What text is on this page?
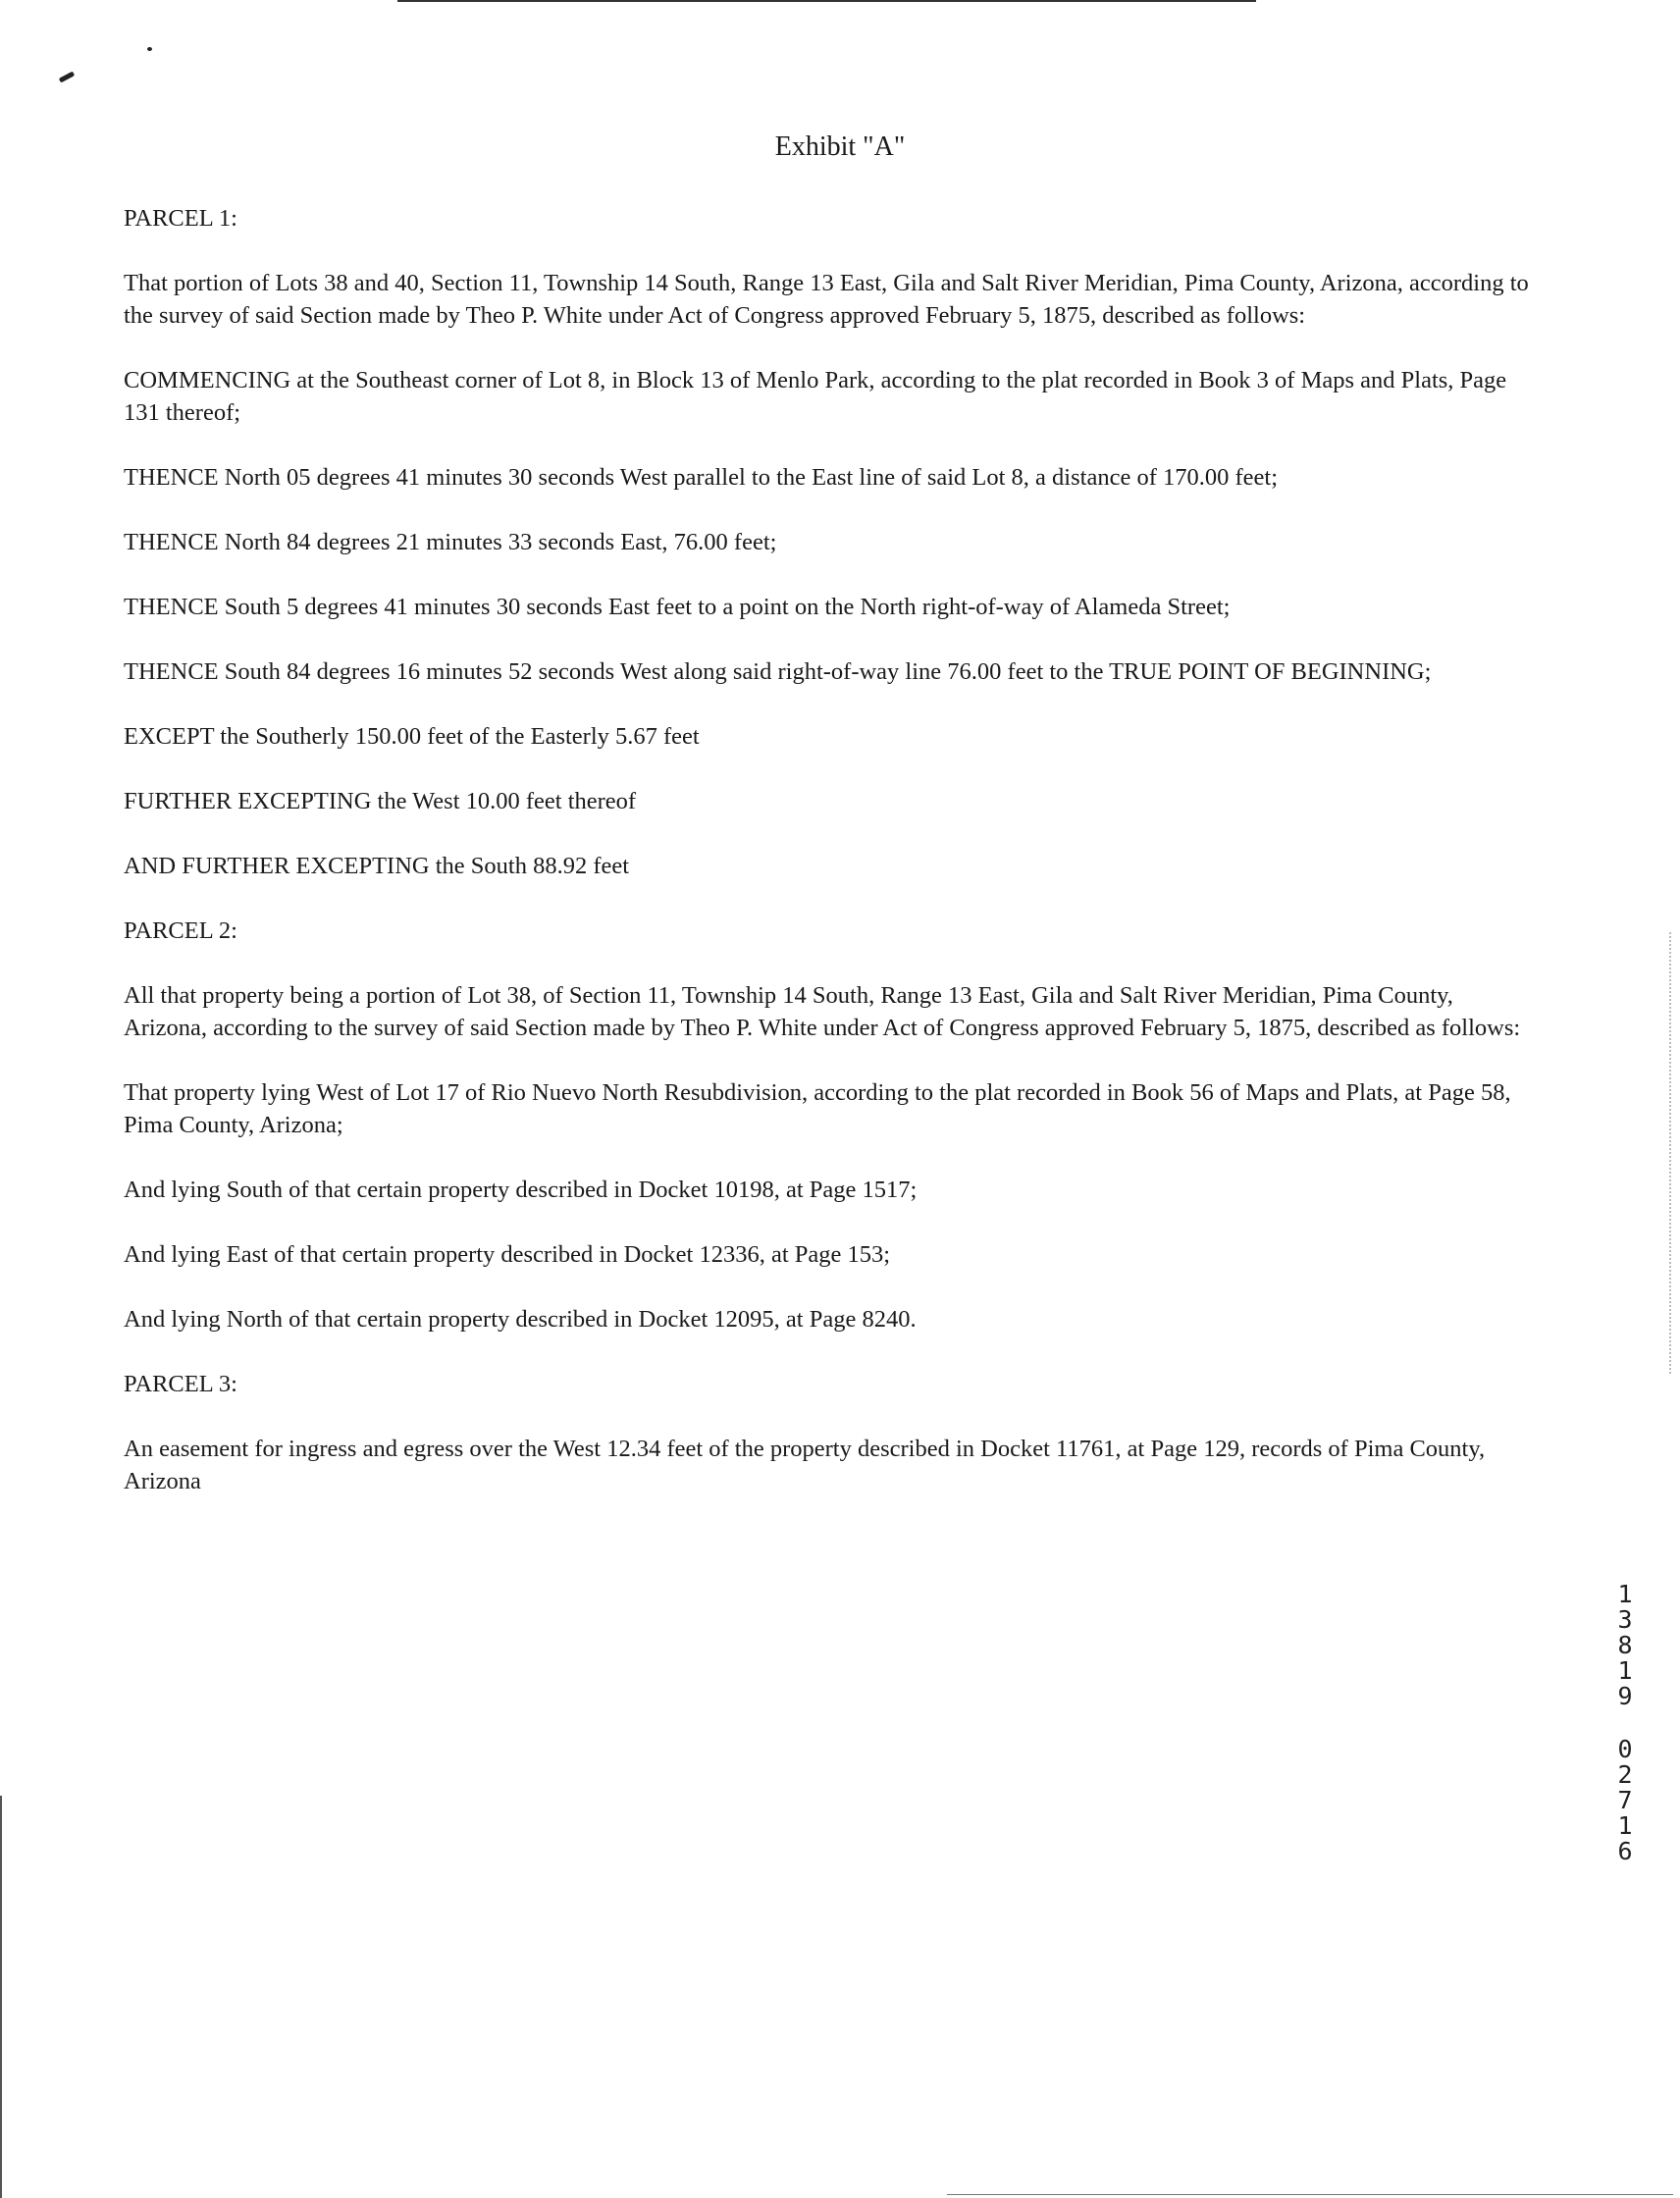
Exhibit "A"

PARCEL 1:

That portion of Lots 38 and 40, Section 11, Township 14 South, Range 13 East, Gila and Salt River Meridian, Pima County, Arizona, according to the survey of said Section made by Theo P. White under Act of Congress approved February 5, 1875, described as follows:

COMMENCING at the Southeast corner of Lot 8, in Block 13 of Menlo Park, according to the plat recorded in Book 3 of Maps and Plats, Page 131 thereof;

THENCE North 05 degrees 41 minutes 30 seconds West parallel to the East line of said Lot 8, a distance of 170.00 feet;

THENCE North 84 degrees 21 minutes 33 seconds East, 76.00 feet;

THENCE South 5 degrees 41 minutes 30 seconds East feet to a point on the North right-of-way of Alameda Street;

THENCE South 84 degrees 16 minutes 52 seconds West along said right-of-way line 76.00 feet to the TRUE POINT OF BEGINNING;

EXCEPT the Southerly 150.00 feet of the Easterly 5.67 feet

FURTHER EXCEPTING the West 10.00 feet thereof

AND FURTHER EXCEPTING the South 88.92 feet

PARCEL 2:

All that property being a portion of Lot 38, of Section 11, Township 14 South, Range 13 East, Gila and Salt River Meridian, Pima County, Arizona, according to the survey of said Section made by Theo P. White under Act of Congress approved February 5, 1875, described as follows:

That property lying West of Lot 17 of Rio Nuevo North Resubdivision, according to the plat recorded in Book 56 of Maps and Plats, at Page 58, Pima County, Arizona;

And lying South of that certain property described in Docket 10198, at Page 1517;

And lying East of that certain property described in Docket 12336, at Page 153;

And lying North of that certain property described in Docket 12095, at Page 8240.

PARCEL 3:

An easement for ingress and egress over the West 12.34 feet of the property described in Docket 11761, at Page 129, records of Pima County, Arizona

1
3
8
1
9
0
2
7
1
6
